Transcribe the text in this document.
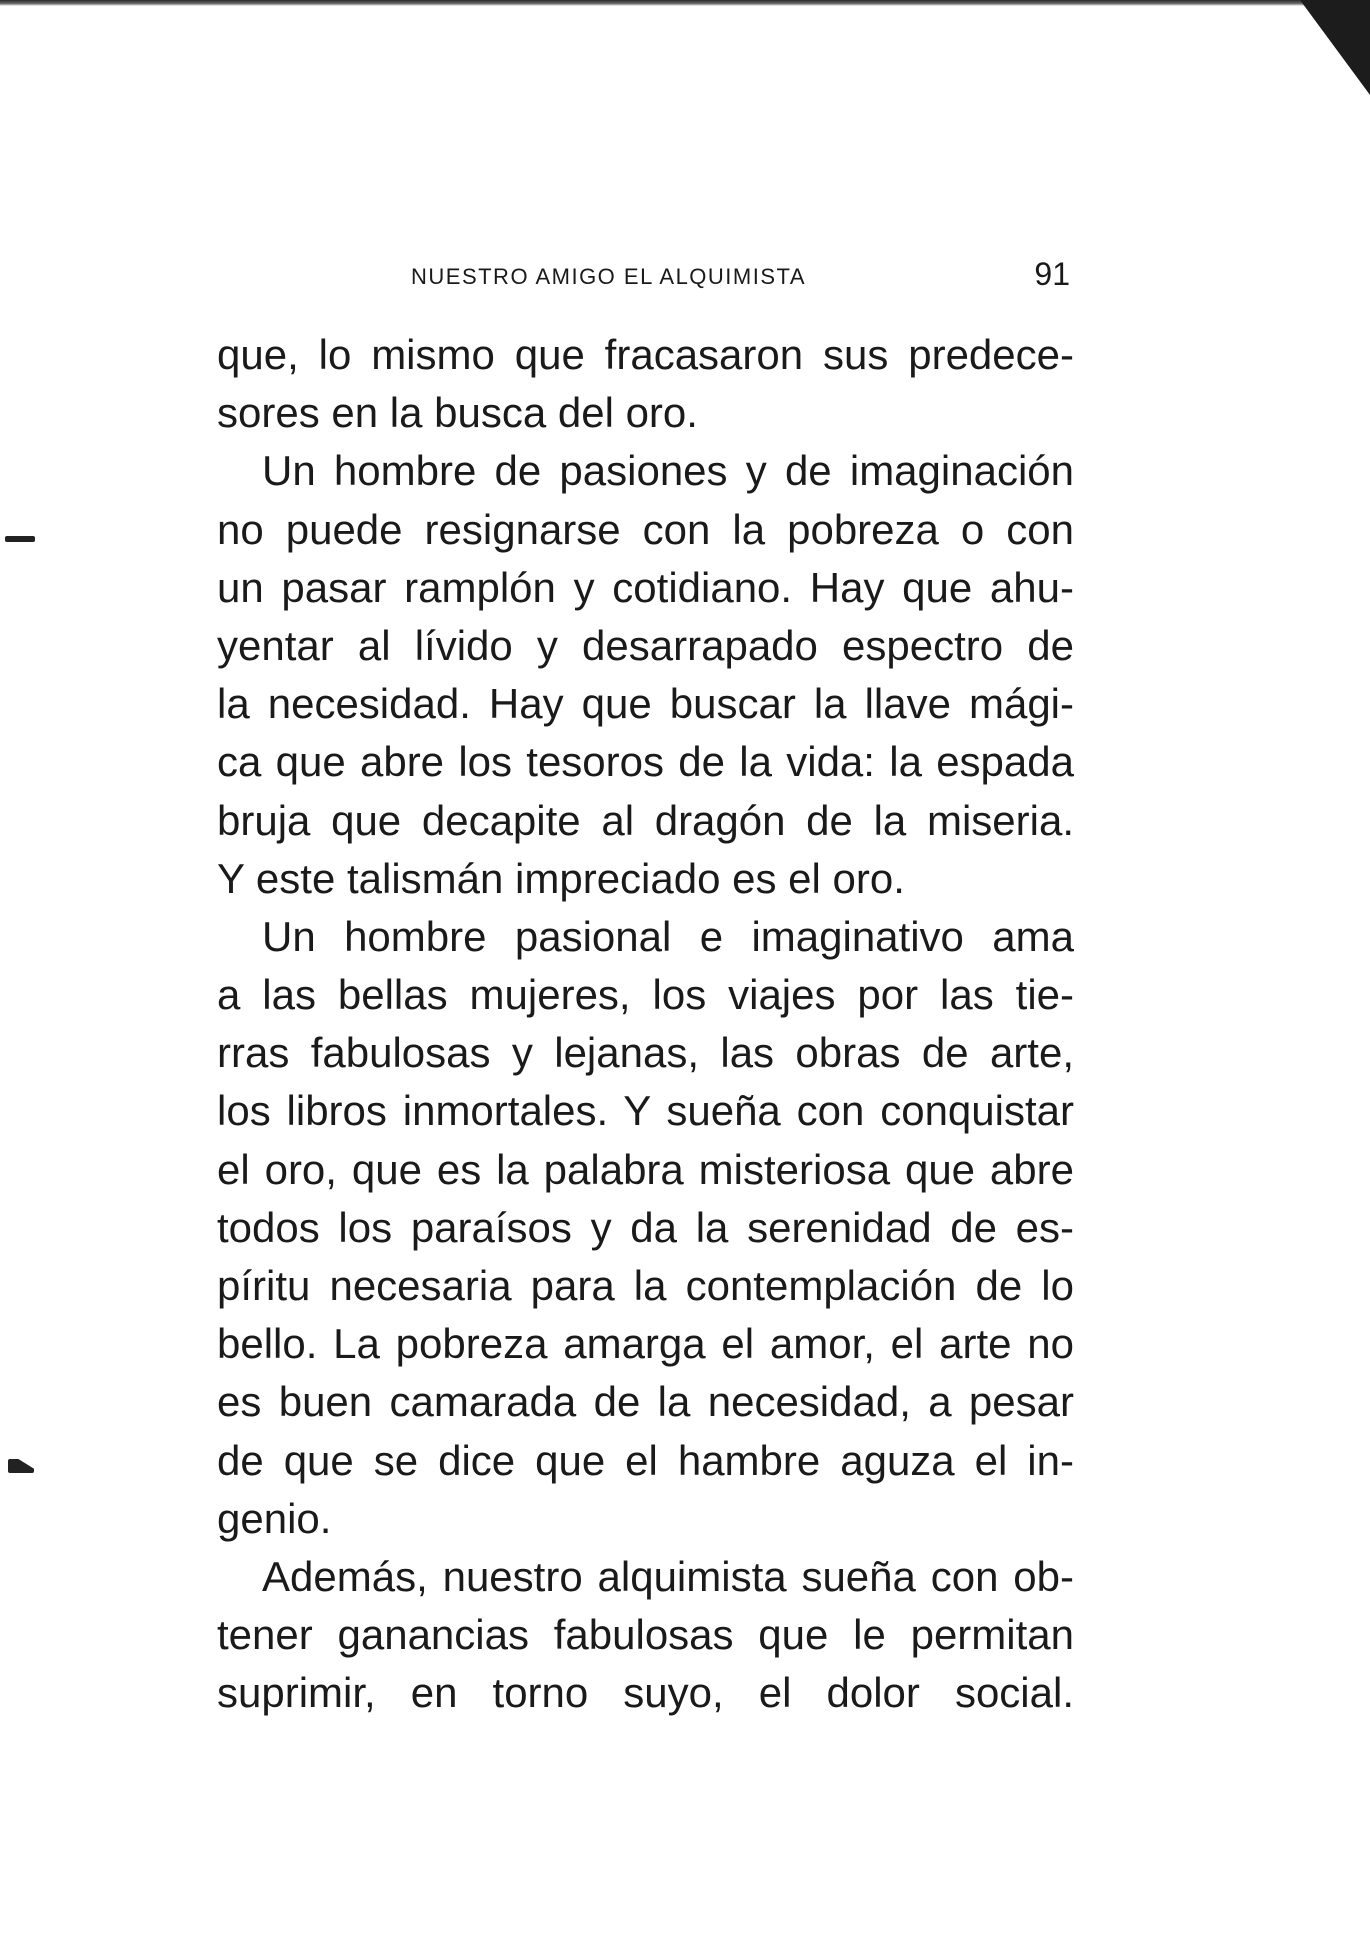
NUESTRO AMIGO EL ALQUIMISTA	91
que, lo mismo que fracasaron sus predece-
sores en la busca del oro.
Un hombre de pasiones y de imaginación
no puede resignarse con la pobreza o con
un pasar ramplón y cotidiano. Hay que ahu-
yentar al lívido y desarrapado espectro de
la necesidad. Hay que buscar la llave mági-
ca que abre los tesoros de la vida: la espada
bruja que decapite al dragón de la miseria.
Y este talismán impreciado es el oro.
Un hombre pasional e imaginativo ama
a las bellas mujeres, los viajes por las tie-
rras fabulosas y lejanas, las obras de arte,
los libros inmortales. Y sueña con conquistar
el oro, que es la palabra misteriosa que abre
todos los paraísos y da la serenidad de es-
píritu necesaria para la contemplación de lo
bello. La pobreza amarga el amor, el arte no
es buen camarada de la necesidad, a pesar
de que se dice que el hambre aguza el in-
genio.
Además, nuestro alquimista sueña con ob-
tener ganancias fabulosas que le permitan
suprimir, en torno suyo, el dolor social.
